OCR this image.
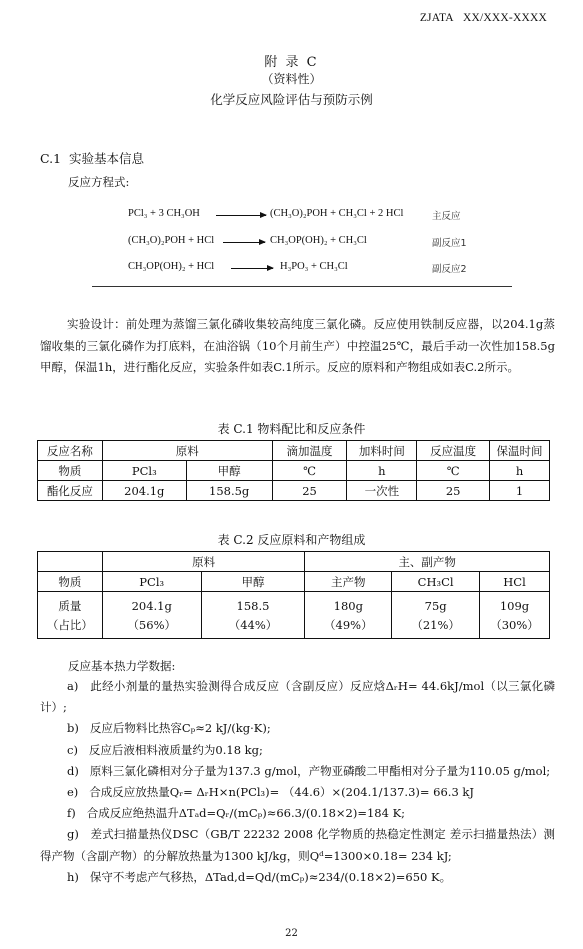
ZJATA XX/XXX-XXXX
附 录 C
（资料性）
化学反应风险评估与预防示例
C.1 实验基本信息
反应方程式:
PCl₃ + 3 CH₃OH	(CH₃O)₂POH + CH₃Cl + 2 HCl	主反应
(CH₃O)₂POH + HCl	CH₃OP(OH)₂ + CH₃Cl	副反应1
CH₃OP(OH)₂ + HCl	H₃PO₃ + CH₃Cl	副反应2
实验设计：前处理为蒸馏三氯化磷收集较高纯度三氯化磷。反应使用铁制反应器，以204.1g蒸馏收集的三氯化磷作为打底料，在油浴锅（10个月前生产）中控温25℃，最后手动一次性加158.5g甲醇，保温1h，进行酯化反应，实验条件如表C.1所示。反应的原料和产物组成如表C.2所示。
表 C.1 物料配比和反应条件
反应名称	原料		滴加温度	加料时间	反应温度	保温时间
物质	PCl₃	甲醇	℃	h	℃	h
酯化反应	204.1g	158.5g	25	一次性	25	1
表 C.2 反应原料和产物组成
	原料		主、副产物		
物质	PCl₃	甲醇	主产物	CH₃Cl	HCl
质量	204.1g	158.5	180g	75g	109g
（占比）	（56%）	（44%）	（49%）	（21%）	（30%）
反应基本热力学数据:
a) 此经小剂量的量热实验测得合成反应（含副反应）反应焓ΔᵣH= 44.6kJ/mol（以三氯化磷计）;
b) 反应后物料比热容Cₚ≈2 kJ/(kg·K);
c) 反应后液相料液质量约为0.18 kg;
d) 原料三氯化磷相对分子量为137.3 g/mol，产物亚磷酸二甲酯相对分子量为110.05 g/mol;
e) 合成反应放热量Qᵣ= ΔᵣH×n(PCl₃)= （44.6）×(204.1/137.3)= 66.3 kJ
f) 合成反应绝热温升ΔTₐd=Qᵣ/(mCₚ)≈66.3/(0.18×2)=184 K;
g) 差式扫描量热仪DSC（GB/T 22232 2008 化学物质的热稳定性测定 差示扫描量热法）测得产物（含副产物）的分解放热量为1300 kJ/kg，则Qᵈ=1300×0.18= 234 kJ;
h) 保守不考虑产气移热，ΔTad,d=Qd/(mCₚ)≈234/(0.18×2)=650 K。
22
